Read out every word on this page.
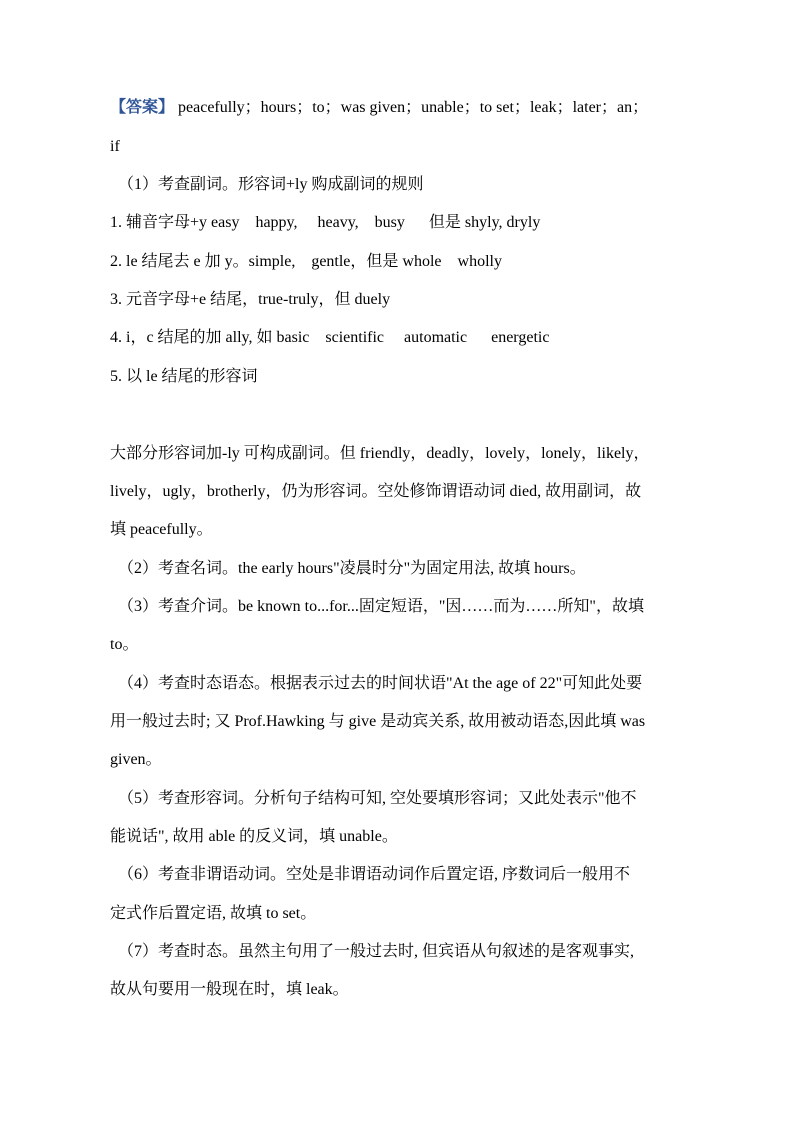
【答案】 peacefully；hours；to；was given；unable；to set；leak；later；an；
if
（1）考查副词。形容词+ly 购成副词的规则
1. 辅音字母+y easy    happy,     heavy,    busy      但是 shyly, dryly
2. le 结尾去 e 加 y。simple,    gentle，但是 whole    wholly
3. 元音字母+e 结尾，true-truly，但 duely
4. i，c 结尾的加 ally, 如 basic    scientific     automatic      energetic
5. 以 le 结尾的形容词
大部分形容词加-ly 可构成副词。但 friendly，deadly，lovely，lonely，likely，
lively，ugly，brotherly，仍为形容词。空处修饰谓语动词 died, 故用副词，故
填 peacefully。
（2）考查名词。the early hours"凌晨时分"为固定用法, 故填 hours。
（3）考查介词。be known to...for...固定短语，"因……而为……所知"，故填
to。
（4）考查时态语态。根据表示过去的时间状语"At the age of 22"可知此处要
用一般过去时; 又 Prof.Hawking 与 give 是动宾关系, 故用被动语态,因此填 was
given。
（5）考查形容词。分析句子结构可知, 空处要填形容词；又此处表示"他不
能说话", 故用 able 的反义词，填 unable。
（6）考查非谓语动词。空处是非谓语动词作后置定语, 序数词后一般用不
定式作后置定语, 故填 to set。
（7）考查时态。虽然主句用了一般过去时, 但宾语从句叙述的是客观事实,
故从句要用一般现在时，填 leak。
